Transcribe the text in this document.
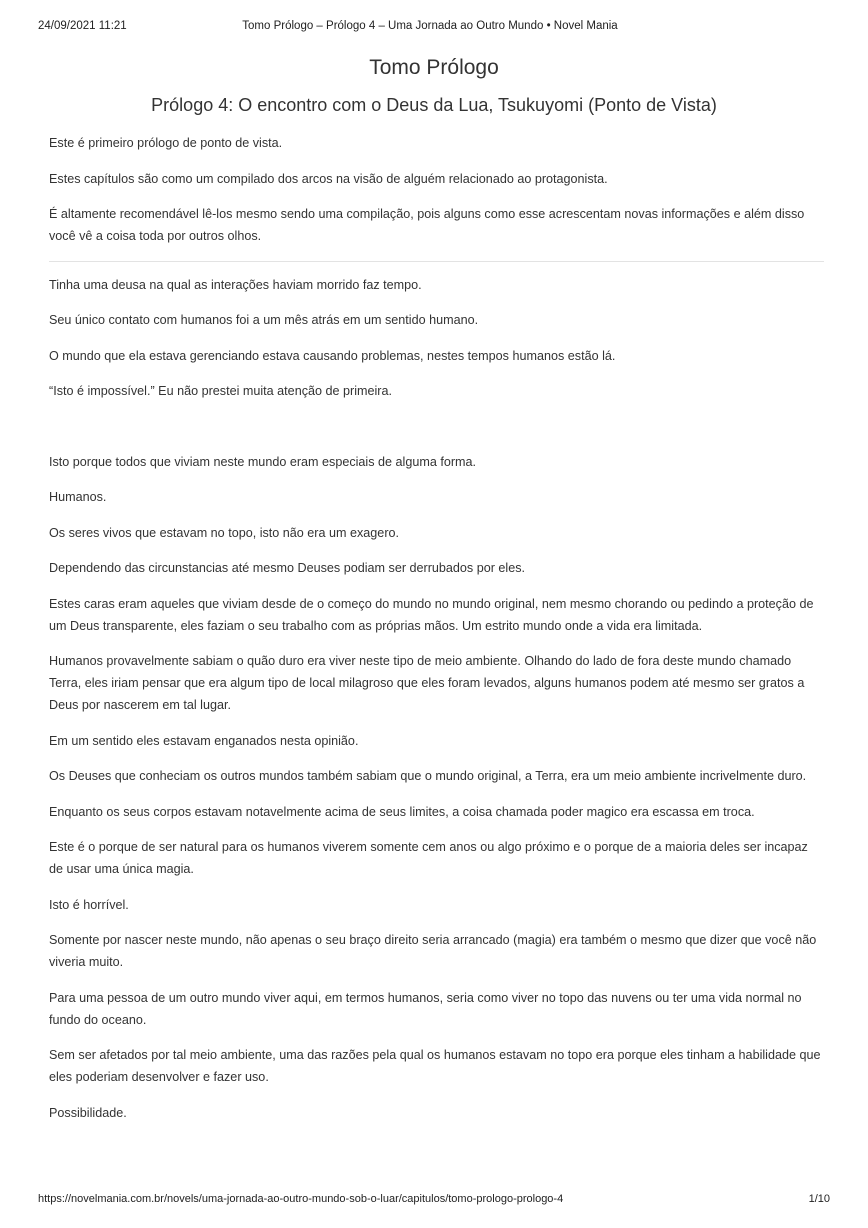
24/09/2021 11:21	Tomo Prólogo – Prólogo 4 – Uma Jornada ao Outro Mundo • Novel Mania
Tomo Prólogo
Prólogo 4: O encontro com o Deus da Lua, Tsukuyomi (Ponto de Vista)

Este é primeiro prólogo de ponto de vista.

Estes capítulos são como um compilado dos arcos na visão de alguém relacionado ao protagonista.

É altamente recomendável lê-los mesmo sendo uma compilação, pois alguns como esse acrescentam novas informações e além disso você vê a coisa toda por outros olhos.

Tinha uma deusa na qual as interações haviam morrido faz tempo.

Seu único contato com humanos foi a um mês atrás em um sentido humano.

O mundo que ela estava gerenciando estava causando problemas, nestes tempos humanos estão lá.

“Isto é impossível.” Eu não prestei muita atenção de primeira.

Isto porque todos que viviam neste mundo eram especiais de alguma forma.

Humanos.

Os seres vivos que estavam no topo, isto não era um exagero.

Dependendo das circunstancias até mesmo Deuses podiam ser derrubados por eles.

Estes caras eram aqueles que viviam desde de o começo do mundo no mundo original, nem mesmo chorando ou pedindo a proteção de um Deus transparente, eles faziam o seu trabalho com as próprias mãos. Um estrito mundo onde a vida era limitada.

Humanos provavelmente sabiam o quão duro era viver neste tipo de meio ambiente. Olhando do lado de fora deste mundo chamado Terra, eles iriam pensar que era algum tipo de local milagroso que eles foram levados, alguns humanos podem até mesmo ser gratos a Deus por nascerem em tal lugar.

Em um sentido eles estavam enganados nesta opinião.

Os Deuses que conheciam os outros mundos também sabiam que o mundo original, a Terra, era um meio ambiente incrivelmente duro.

Enquanto os seus corpos estavam notavelmente acima de seus limites, a coisa chamada poder magico era escassa em troca.

Este é o porque de ser natural para os humanos viverem somente cem anos ou algo próximo e o porque de a maioria deles ser incapaz de usar uma única magia.

Isto é horrível.

Somente por nascer neste mundo, não apenas o seu braço direito seria arrancado (magia) era também o mesmo que dizer que você não viveria muito.

Para uma pessoa de um outro mundo viver aqui, em termos humanos, seria como viver no topo das nuvens ou ter uma vida normal no fundo do oceano.

Sem ser afetados por tal meio ambiente, uma das razões pela qual os humanos estavam no topo era porque eles tinham a habilidade que eles poderiam desenvolver e fazer uso.

Possibilidade.

https://novelmania.com.br/novels/uma-jornada-ao-outro-mundo-sob-o-luar/capitulos/tomo-prologo-prologo-4	1/10
